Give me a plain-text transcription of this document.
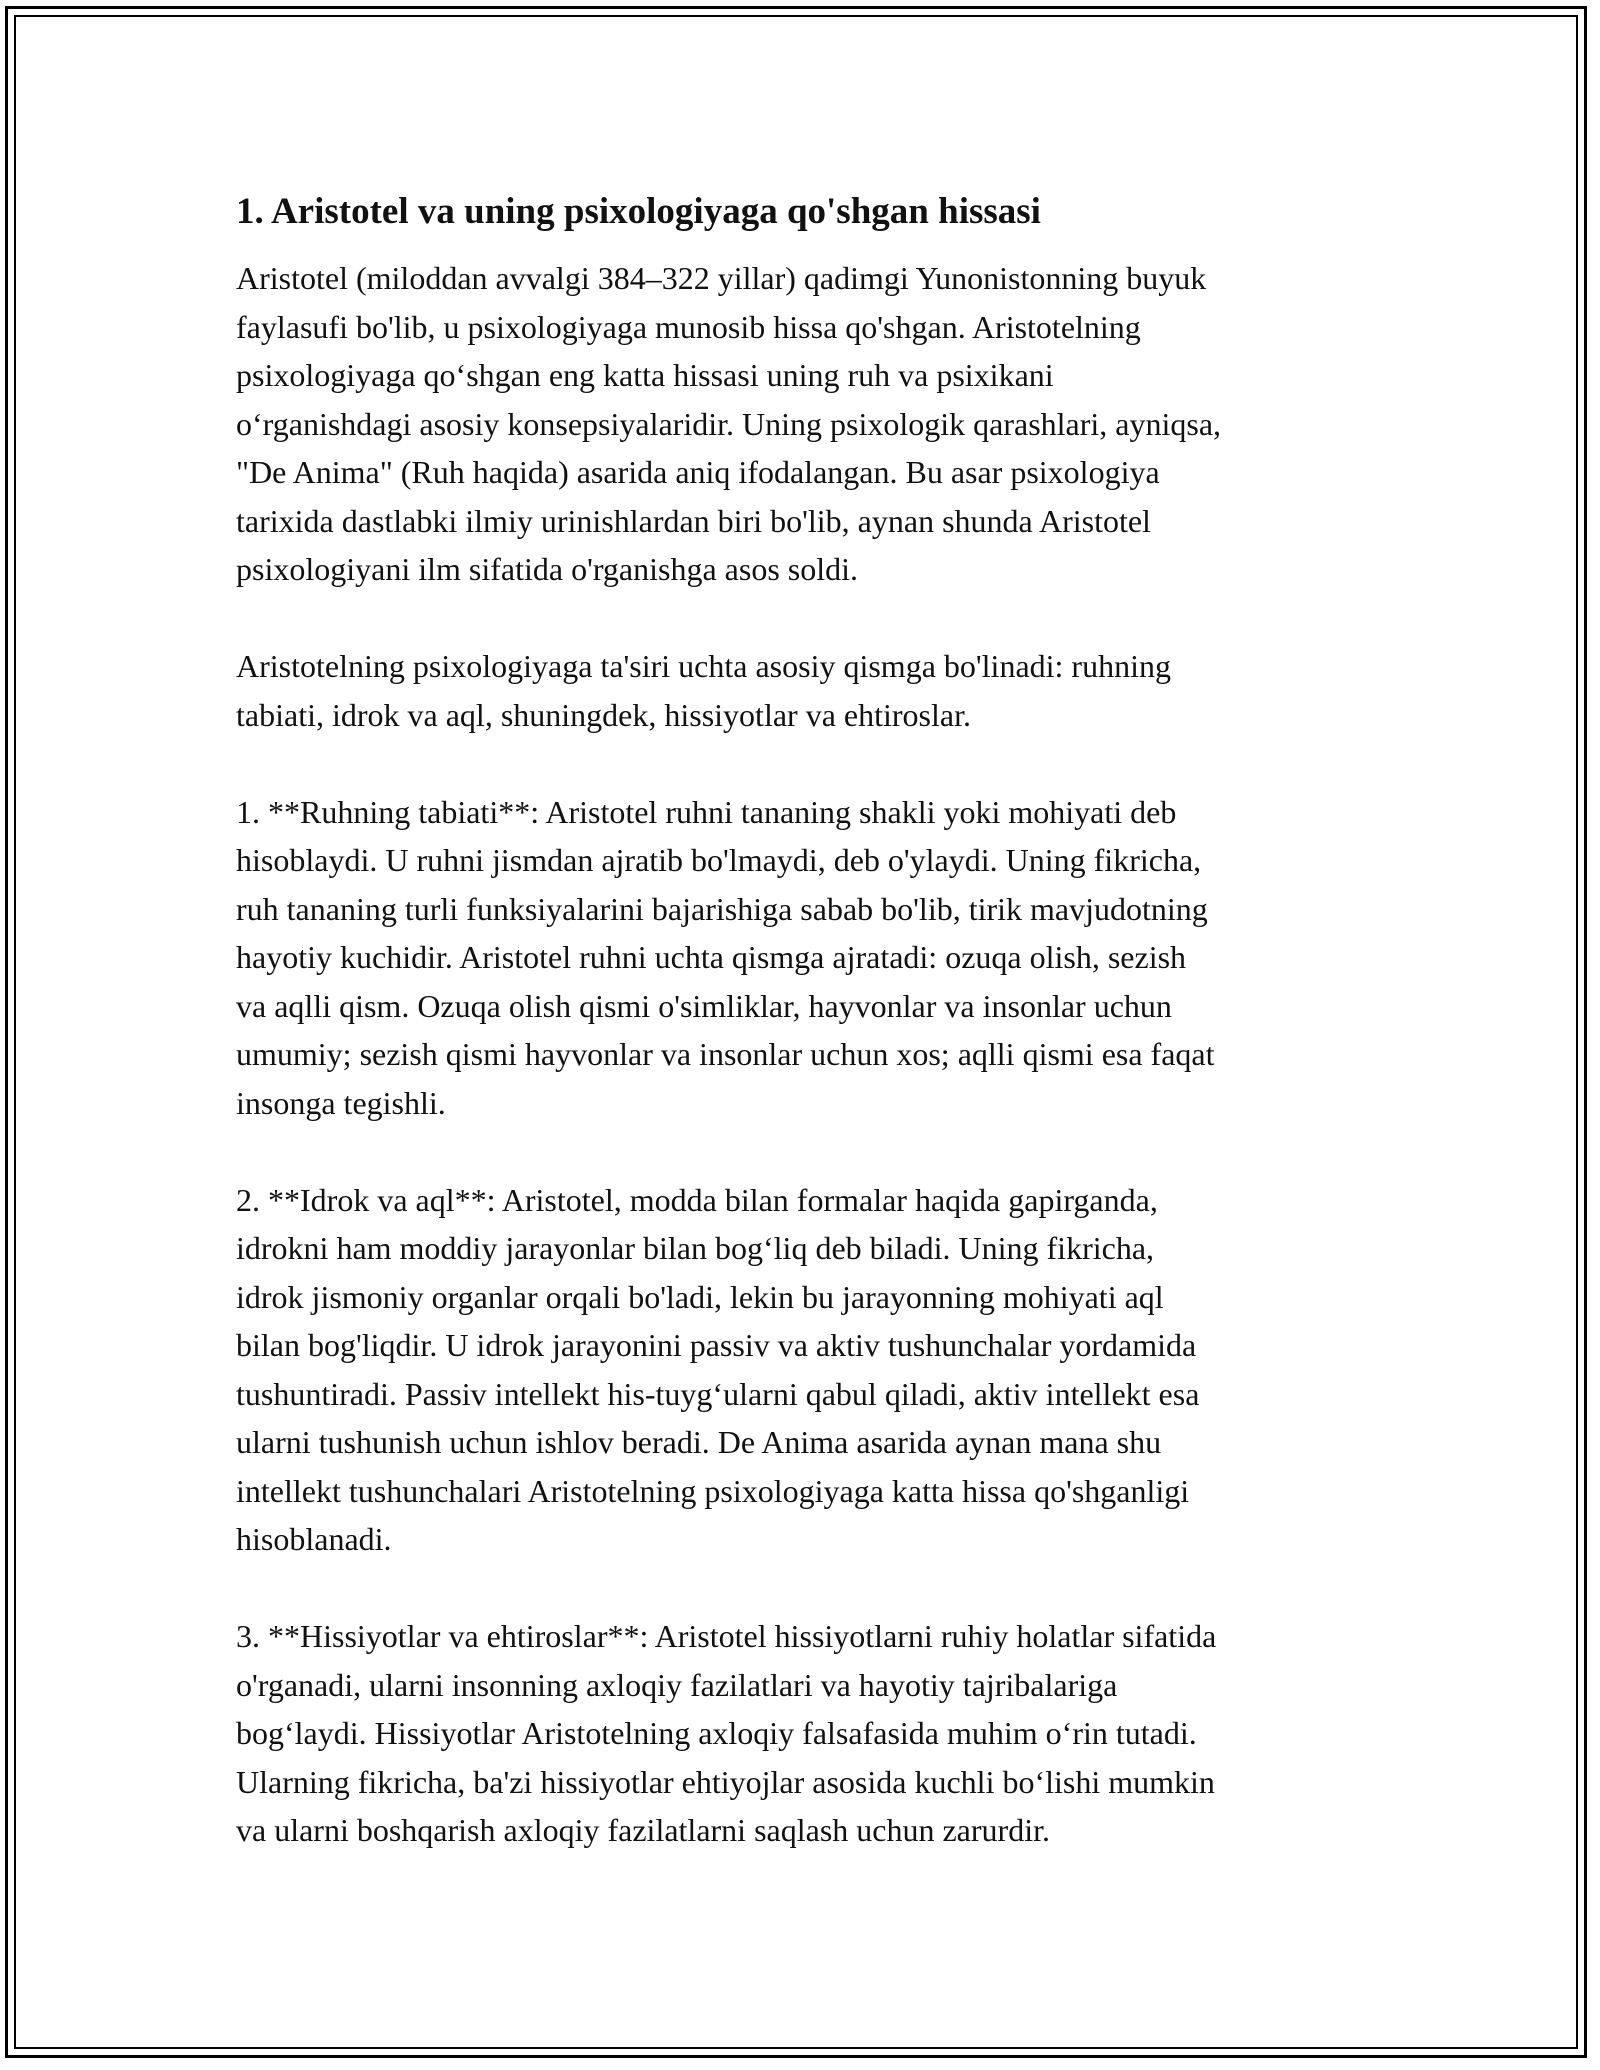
1. Aristotel va uning psixologiyaga qo'shgan hissasi

Aristotel (miloddan avvalgi 384–322 yillar) qadimgi Yunonistonning buyuk
faylasufi bo'lib, u psixologiyaga munosib hissa qo'shgan. Aristotelning
psixologiyaga qo‘shgan eng katta hissasi uning ruh va psixikani
o‘rganishdagi asosiy konsepsiyalaridir. Uning psixologik qarashlari, ayniqsa,
"De Anima" (Ruh haqida) asarida aniq ifodalangan. Bu asar psixologiya
tarixida dastlabki ilmiy urinishlardan biri bo'lib, aynan shunda Aristotel
psixologiyani ilm sifatida o'rganishga asos soldi.

Aristotelning psixologiyaga ta'siri uchta asosiy qismga bo'linadi: ruhning
tabiati, idrok va aql, shuningdek, hissiyotlar va ehtiroslar.

1. **Ruhning tabiati**: Aristotel ruhni tananing shakli yoki mohiyati deb
hisoblaydi. U ruhni jismdan ajratib bo'lmaydi, deb o'ylaydi. Uning fikricha,
ruh tananing turli funksiyalarini bajarishiga sabab bo'lib, tirik mavjudotning
hayotiy kuchidir. Aristotel ruhni uchta qismga ajratadi: ozuqa olish, sezish
va aqlli qism. Ozuqa olish qismi o'simliklar, hayvonlar va insonlar uchun
umumiy; sezish qismi hayvonlar va insonlar uchun xos; aqlli qismi esa faqat
insonga tegishli.

2. **Idrok va aql**: Aristotel, modda bilan formalar haqida gapirganda,
idrokni ham moddiy jarayonlar bilan bog‘liq deb biladi. Uning fikricha,
idrok jismoniy organlar orqali bo'ladi, lekin bu jarayonning mohiyati aql
bilan bog'liqdir. U idrok jarayonini passiv va aktiv tushunchalar yordamida
tushuntiradi. Passiv intellekt his-tuyg‘ularni qabul qiladi, aktiv intellekt esa
ularni tushunish uchun ishlov beradi. De Anima asarida aynan mana shu
intellekt tushunchalari Aristotelning psixologiyaga katta hissa qo'shganligi
hisoblanadi.

3. **Hissiyotlar va ehtiroslar**: Aristotel hissiyotlarni ruhiy holatlar sifatida
o'rganadi, ularni insonning axloqiy fazilatlari va hayotiy tajribalariga
bog‘laydi. Hissiyotlar Aristotelning axloqiy falsafasida muhim o‘rin tutadi.
Ularning fikricha, ba'zi hissiyotlar ehtiyojlar asosida kuchli bo‘lishi mumkin
va ularni boshqarish axloqiy fazilatlarni saqlash uchun zarurdir.
